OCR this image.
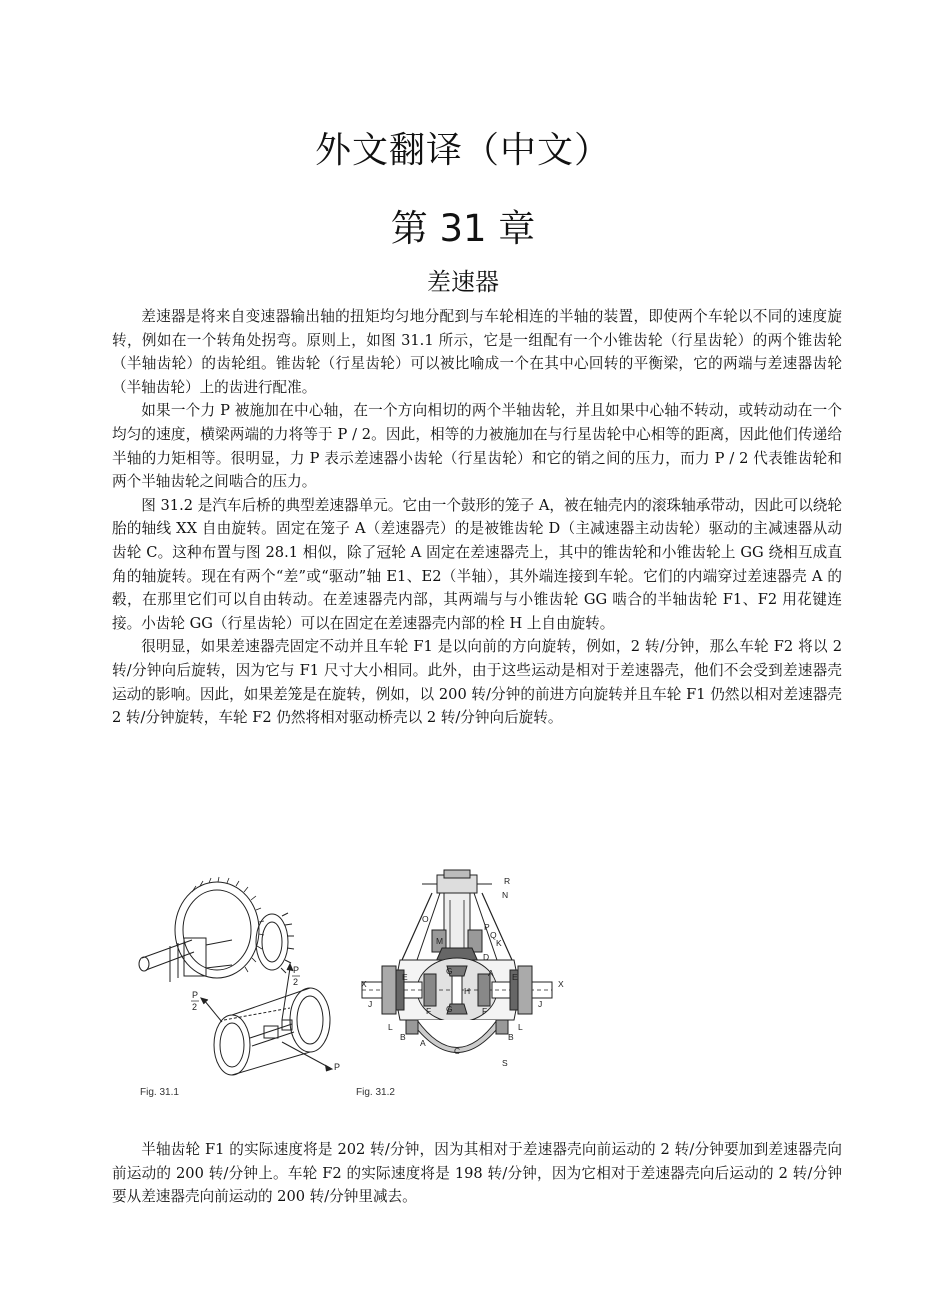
外文翻译（中文）
第 31 章
差速器

差速器是将来自变速器输出轴的扭矩均匀地分配到与车轮相连的半轴的装置，即使两个车轮以不同的速度旋转，例如在一个转角处拐弯。原则上，如图 31.1 所示，它是一组配有一个小锥齿轮（行星齿轮）的两个锥齿轮（半轴齿轮）的齿轮组。锥齿轮（行星齿轮）可以被比喻成一个在其中心回转的平衡梁，它的两端与差速器齿轮（半轴齿轮）上的齿进行配准。

如果一个力 P 被施加在中心轴，在一个方向相切的两个半轴齿轮，并且如果中心轴不转动，或转动动在一个均匀的速度，横梁两端的力将等于 P / 2。因此，相等的力被施加在与行星齿轮中心相等的距离，因此他们传递给半轴的力矩相等。很明显，力 P 表示差速器小齿轮（行星齿轮）和它的销之间的压力，而力 P / 2 代表锥齿轮和两个半轴齿轮之间啮合的压力。

图 31.2 是汽车后桥的典型差速器单元。它由一个鼓形的笼子 A，被在轴壳内的滚珠轴承带动，因此可以绕轮胎的轴线 XX 自由旋转。固定在笼子 A（差速器壳）的是被锥齿轮 D（主减速器主动齿轮）驱动的主减速器从动齿轮 C。这种布置与图 28.1 相似，除了冠轮 A 固定在差速器壳上，其中的锥齿轮和小锥齿轮上 GG 绕相互成直角的轴旋转。现在有两个“差”或“驱动”轴 E1、E2（半轴），其外端连接到车轮。它们的内端穿过差速器壳 A 的毂，在那里它们可以自由转动。在差速器壳内部，其两端与与小锥齿轮 GG 啮合的半轴齿轮 F1、F2 用花键连接。小齿轮 GG（行星齿轮）可以在固定在差速器壳内部的栓 H 上自由旋转。

很明显，如果差速器壳固定不动并且车轮 F1 是以向前的方向旋转，例如，2 转/分钟，那么车轮 F2 将以 2 转/分钟向后旋转，因为它与 F1 尺寸大小相同。此外，由于这些运动是相对于差速器壳，他们不会受到差速器壳运动的影响。因此，如果差笼是在旋转，例如，以 200 转/分钟的前进方向旋转并且车轮 F1 仍然以相对差速器壳 2 转/分钟旋转，车轮 F2 仍然将相对驱动桥壳以 2 转/分钟向后旋转。

P
2
P
2
P
Fig. 31.1
R
N
O
P
Q
K
M
D
A
X	X
E	E
J	J
F	F
G
G
H
L
B	B
A
C
L
S
Fig. 31.2

半轴齿轮 F1 的实际速度将是 202 转/分钟，因为其相对于差速器壳向前运动的 2 转/分钟要加到差速器壳向前运动的 200 转/分钟上。车轮 F2 的实际速度将是 198 转/分钟，因为它相对于差速器壳向后运动的 2 转/分钟要从差速器壳向前运动的 200 转/分钟里减去。
